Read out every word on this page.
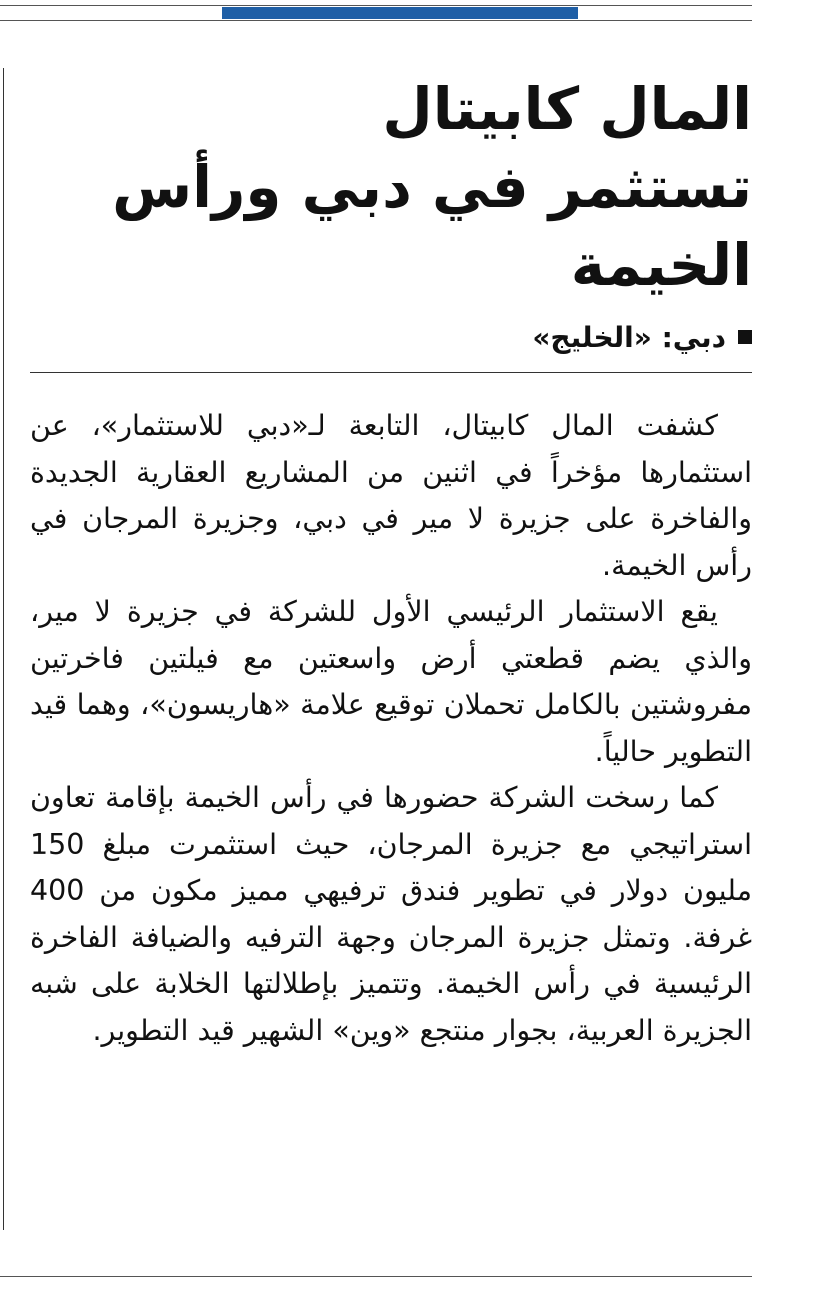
المال كابيتال
تستثمر في دبي ورأس الخيمة
دبي: «الخليج»

كشفت المال كابيتال، التابعة لـ«دبي للاستثمار»، عن استثمارها مؤخراً في اثنين من المشاريع العقارية الجديدة والفاخرة على جزيرة لا مير في دبي، وجزيرة المرجان في رأس الخيمة.

يقع الاستثمار الرئيسي الأول للشركة في جزيرة لا مير، والذي يضم قطعتي أرض واسعتين مع فيلتين فاخرتين مفروشتين بالكامل تحملان توقيع علامة «هاريسون»، وهما قيد التطوير حالياً.

كما رسخت الشركة حضورها في رأس الخيمة بإقامة تعاون استراتيجي مع جزيرة المرجان، حيث استثمرت مبلغ 150 مليون دولار في تطوير فندق ترفيهي مميز مكون من 400 غرفة. وتمثل جزيرة المرجان وجهة الترفيه والضيافة الفاخرة الرئيسية في رأس الخيمة. وتتميز بإطلالتها الخلابة على شبه الجزيرة العربية، بجوار منتجع «وين» الشهير قيد التطوير.
